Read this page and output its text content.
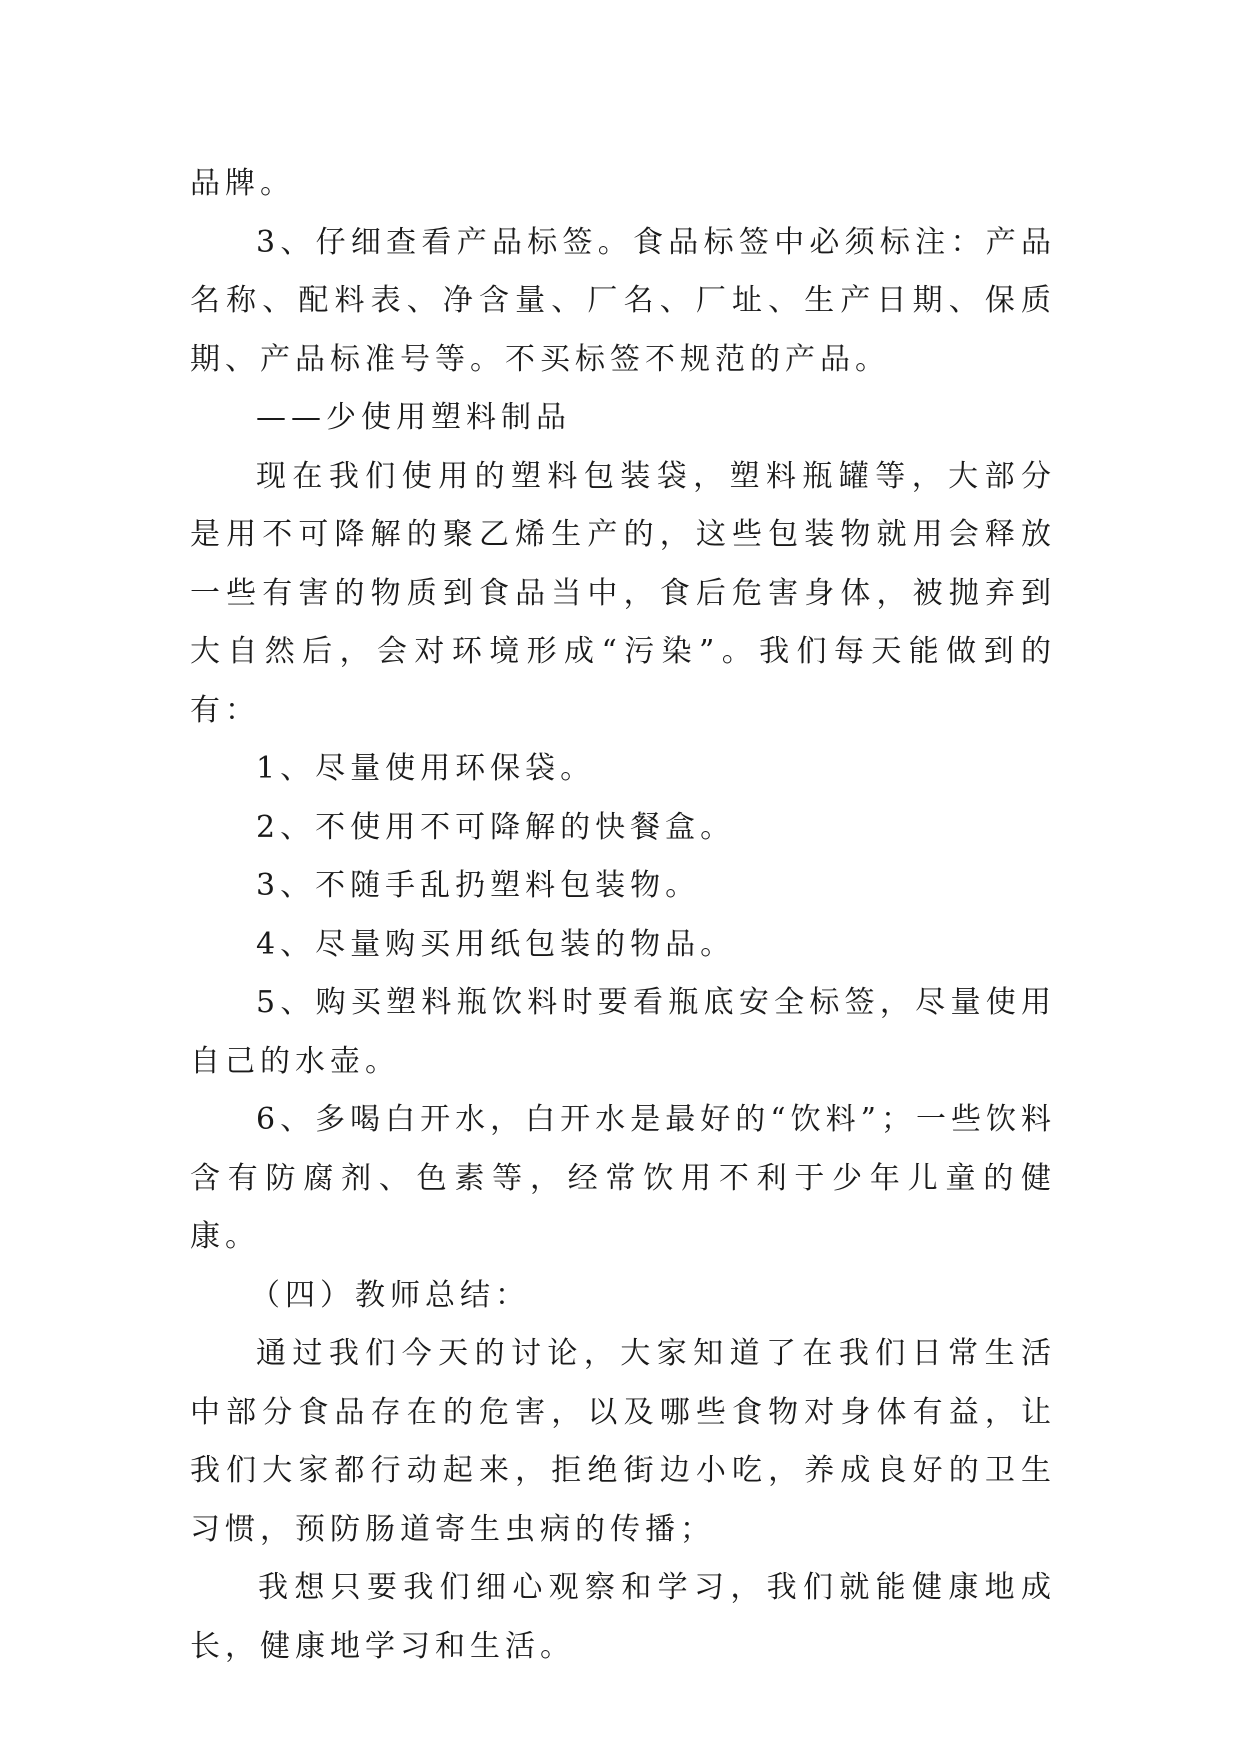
品牌。

3、仔细查看产品标签。食品标签中必须标注：产品名称、配料表、净含量、厂名、厂址、生产日期、保质期、产品标准号等。不买标签不规范的产品。

——少使用塑料制品

现在我们使用的塑料包装袋，塑料瓶罐等，大部分是用不可降解的聚乙烯生产的，这些包装物就用会释放一些有害的物质到食品当中，食后危害身体，被抛弃到大自然后，会对环境形成“污染”。我们每天能做到的有：

1、尽量使用环保袋。

2、不使用不可降解的快餐盒。

3、不随手乱扔塑料包装物。

4、尽量购买用纸包装的物品。

5、购买塑料瓶饮料时要看瓶底安全标签，尽量使用自己的水壶。

6、多喝白开水，白开水是最好的“饮料”；一些饮料含有防腐剂、色素等，经常饮用不利于少年儿童的健康。

（四）教师总结：

通过我们今天的讨论，大家知道了在我们日常生活中部分食品存在的危害，以及哪些食物对身体有益，让我们大家都行动起来，拒绝街边小吃，养成良好的卫生习惯，预防肠道寄生虫病的传播；

我想只要我们细心观察和学习，我们就能健康地成长，健康地学习和生活。
